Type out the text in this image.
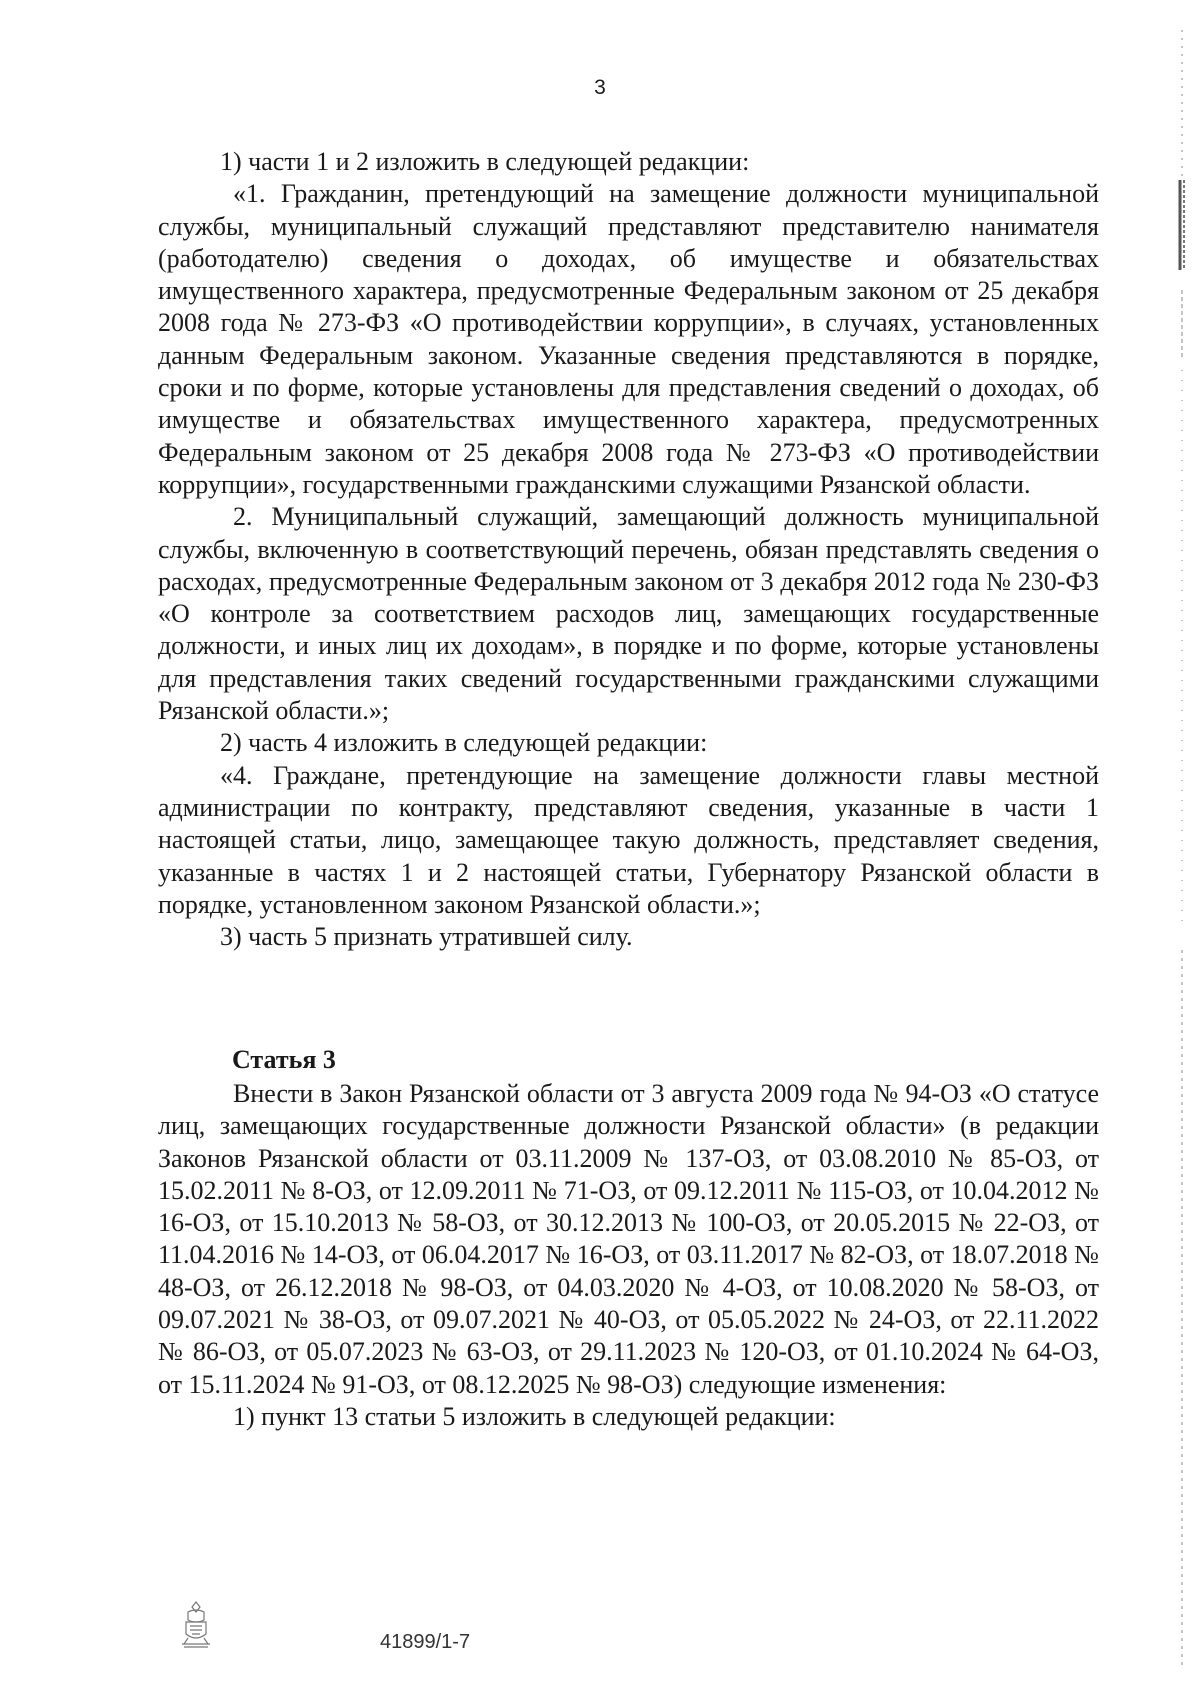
3

1) части 1 и 2 изложить в следующей редакции:

«1. Гражданин, претендующий на замещение должности муниципальной службы, муниципальный служащий представляют представителю нанимателя (работодателю) сведения о доходах, об имуществе и обязательствах имущественного характера, предусмотренные Федеральным законом от 25 декабря 2008 года № 273-ФЗ «О противодействии коррупции», в случаях, установленных данным Федеральным законом. Указанные сведения представляются в порядке, сроки и по форме, которые установлены для представления сведений о доходах, об имуществе и обязательствах имущественного характера, предусмотренных Федеральным законом от 25 декабря 2008 года № 273-ФЗ «О противодействии коррупции», государственными гражданскими служащими Рязанской области.

2. Муниципальный служащий, замещающий должность муниципальной службы, включенную в соответствующий перечень, обязан представлять сведения о расходах, предусмотренные Федеральным законом от 3 декабря 2012 года № 230-ФЗ «О контроле за соответствием расходов лиц, замещающих государственные должности, и иных лиц их доходам», в порядке и по форме, которые установлены для представления таких сведений государственными гражданскими служащими Рязанской области.»;

2) часть 4 изложить в следующей редакции:

«4. Граждане, претендующие на замещение должности главы местной администрации по контракту, представляют сведения, указанные в части 1 настоящей статьи, лицо, замещающее такую должность, представляет сведения, указанные в частях 1 и 2 настоящей статьи, Губернатору Рязанской области в порядке, установленном законом Рязанской области.»;

3) часть 5 признать утратившей силу.

Статья 3

Внести в Закон Рязанской области от 3 августа 2009 года № 94-ОЗ «О статусе лиц, замещающих государственные должности Рязанской области» (в редакции Законов Рязанской области от 03.11.2009 № 137-ОЗ, от 03.08.2010 № 85-ОЗ, от 15.02.2011 № 8-ОЗ, от 12.09.2011 № 71-ОЗ, от 09.12.2011 № 115-ОЗ, от 10.04.2012 № 16-ОЗ, от 15.10.2013 № 58-ОЗ, от 30.12.2013 № 100-ОЗ, от 20.05.2015 № 22-ОЗ, от 11.04.2016 № 14-ОЗ, от 06.04.2017 № 16-ОЗ, от 03.11.2017 № 82-ОЗ, от 18.07.2018 № 48-ОЗ, от 26.12.2018 № 98-ОЗ, от 04.03.2020 № 4-ОЗ, от 10.08.2020 № 58-ОЗ, от 09.07.2021 № 38-ОЗ, от 09.07.2021 № 40-ОЗ, от 05.05.2022 № 24-ОЗ, от 22.11.2022 № 86-ОЗ, от 05.07.2023 № 63-ОЗ, от 29.11.2023 № 120-ОЗ, от 01.10.2024 № 64-ОЗ, от 15.11.2024 № 91-ОЗ, от 08.12.2025 № 98-ОЗ) следующие изменения:

1) пункт 13 статьи 5 изложить в следующей редакции:

41899/1-7
